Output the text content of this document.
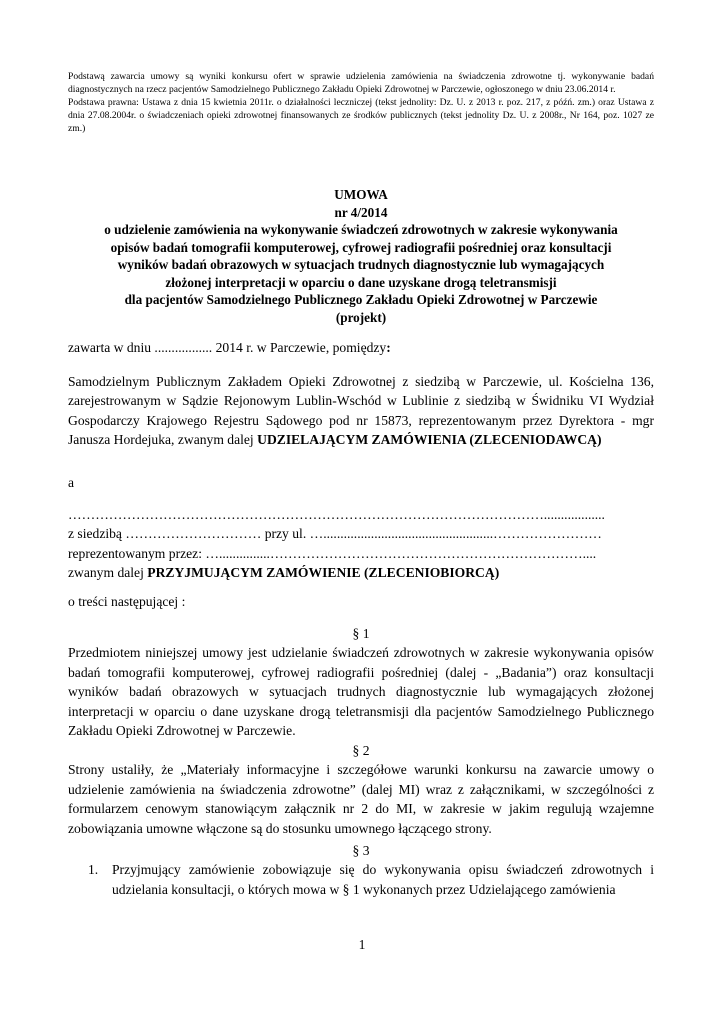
Podstawą zawarcia umowy są wyniki konkursu ofert w sprawie udzielenia zamówienia na świadczenia zdrowotne tj. wykonywanie badań diagnostycznych na rzecz pacjentów Samodzielnego Publicznego Zakładu Opieki Zdrowotnej w Parczewie, ogłoszonego w dniu 23.06.2014 r.

Podstawa prawna: Ustawa z dnia 15 kwietnia 2011r. o działalności leczniczej (tekst jednolity: Dz. U. z 2013 r. poz. 217, z późń. zm.) oraz Ustawa z dnia 27.08.2004r. o świadczeniach opieki zdrowotnej finansowanych ze środków publicznych (tekst jednolity Dz. U. z 2008r., Nr 164, poz. 1027 ze zm.)

UMOWA
nr 4/2014
o udzielenie zamówienia na wykonywanie świadczeń zdrowotnych w zakresie wykonywania
opisów badań tomografii komputerowej, cyfrowej radiografii pośredniej oraz konsultacji
wyników badań obrazowych w sytuacjach trudnych diagnostycznie lub wymagających
złożonej interpretacji w oparciu o dane uzyskane drogą teletransmisji
dla pacjentów Samodzielnego Publicznego Zakładu Opieki Zdrowotnej w Parczewie
(projekt)

zawarta w dniu ................. 2014 r. w Parczewie, pomiędzy:

Samodzielnym Publicznym Zakładem Opieki Zdrowotnej z siedzibą w Parczewie, ul. Kościelna 136, zarejestrowanym w Sądzie Rejonowym Lublin-Wschód w Lublinie z siedzibą w Świdniku VI Wydział Gospodarczy Krajowego Rejestru Sądowego pod nr 15873, reprezentowanym przez Dyrektora - mgr Janusza Hordejuka, zwanym dalej UDZIELAJĄCYM ZAMÓWIENIA (ZLECENIODAWCĄ)

a

……………………………………………………………………………………………..................

z siedzibą ………………………… przy ul. …..................................................……………………

reprezentowanym przez: …...............……………………………………………………………....

zwanym dalej PRZYJMUJĄCYM ZAMÓWIENIE (ZLECENIOBIORCĄ)

o treści następującej :

§ 1

Przedmiotem niniejszej umowy jest udzielanie świadczeń zdrowotnych w zakresie wykonywania opisów badań tomografii komputerowej, cyfrowej radiografii pośredniej (dalej - „Badania”) oraz konsultacji wyników badań obrazowych w sytuacjach trudnych diagnostycznie lub wymagających złożonej interpretacji w oparciu o dane uzyskane drogą teletransmisji dla pacjentów Samodzielnego Publicznego Zakładu Opieki Zdrowotnej w Parczewie.

§ 2

Strony ustaliły, że „Materiały informacyjne i szczegółowe warunki konkursu na zawarcie umowy o udzielenie zamówienia na świadczenia zdrowotne” (dalej MI) wraz z załącznikami, w szczególności z formularzem cenowym stanowiącym załącznik nr 2 do MI, w zakresie w jakim regulują wzajemne zobowiązania umowne włączone są do stosunku umownego łączącego strony.

§ 3

1.	Przyjmujący zamówienie zobowiązuje się do wykonywania opisu świadczeń zdrowotnych i udzielania konsultacji, o których mowa w § 1 wykonanych przez Udzielającego zamówienia
1
